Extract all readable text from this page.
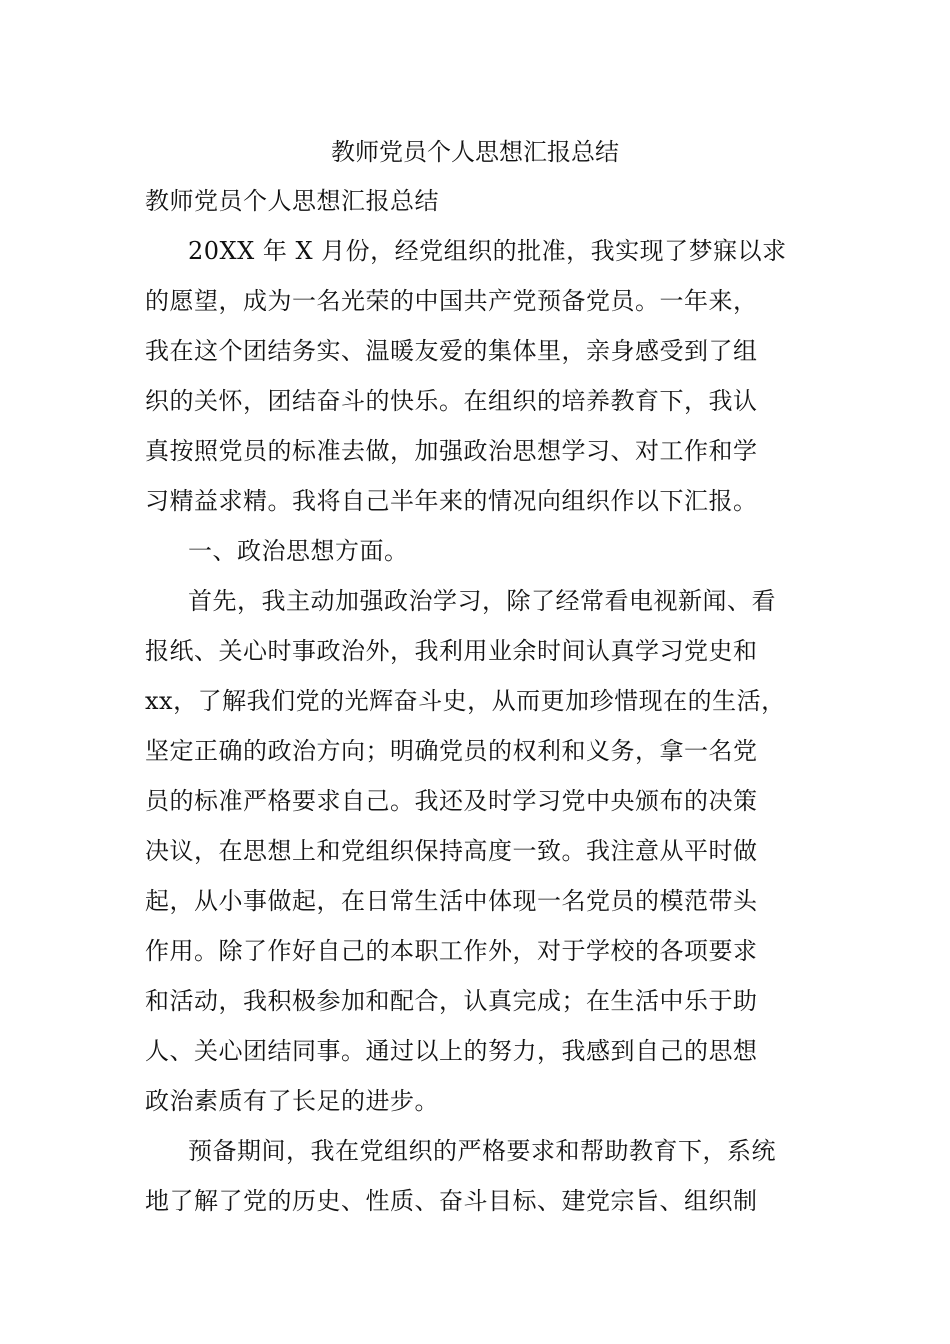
教师党员个人思想汇报总结
教师党员个人思想汇报总结
20XX 年 X 月份，经党组织的批准，我实现了梦寐以求
的愿望，成为一名光荣的中国共产党预备党员。一年来，
我在这个团结务实、温暖友爱的集体里，亲身感受到了组
织的关怀，团结奋斗的快乐。在组织的培养教育下，我认
真按照党员的标准去做，加强政治思想学习、对工作和学
习精益求精。我将自己半年来的情况向组织作以下汇报。
一、政治思想方面。
首先，我主动加强政治学习，除了经常看电视新闻、看
报纸、关心时事政治外，我利用业余时间认真学习党史和
xx，了解我们党的光辉奋斗史，从而更加珍惜现在的生活，
坚定正确的政治方向；明确党员的权利和义务，拿一名党
员的标准严格要求自己。我还及时学习党中央颁布的决策
决议，在思想上和党组织保持高度一致。我注意从平时做
起，从小事做起，在日常生活中体现一名党员的模范带头
作用。除了作好自己的本职工作外，对于学校的各项要求
和活动，我积极参加和配合，认真完成；在生活中乐于助
人、关心团结同事。通过以上的努力，我感到自己的思想
政治素质有了长足的进步。
预备期间，我在党组织的严格要求和帮助教育下，系统
地了解了党的历史、性质、奋斗目标、建党宗旨、组织制
